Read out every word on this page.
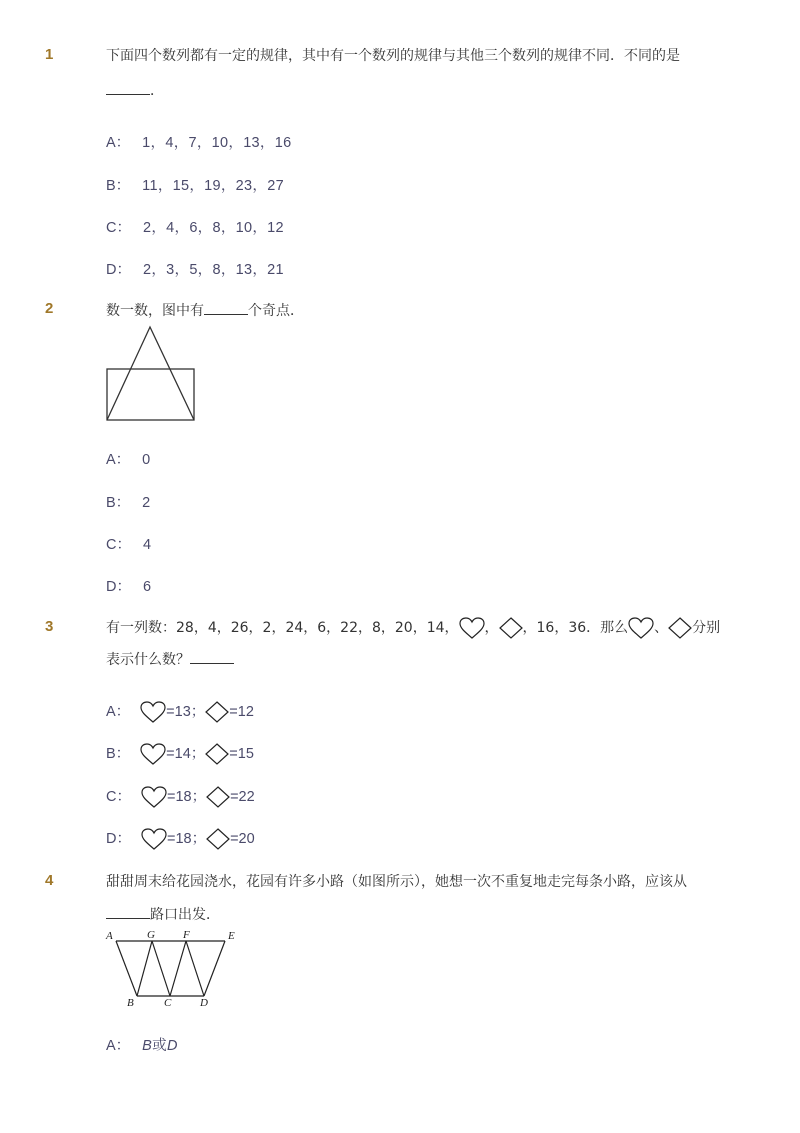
1	下面四个数列都有一定的规律，其中有一个数列的规律与其他三个数列的规律不同．不同的是

．
A： 1，4，7，10，13，16
B： 11，15，19，23，27
C： 2，4，6，8，10，12
D： 2，3，5，8，13，21
2	数一数，图中有	个奇点．
A： 0
B： 2
C： 4
D： 6
3	有一列数：28，4，26，2，24，6，22，8，20，14， ， ，16，36．那么 、 分别

表示什么数？
A： =13； =12
B： =14； =15
C： =18； =22
D： =18； =20
4	甜甜周末给花园浇水，花园有许多小路（如图所示），她想一次不重复地走完每条小路，应该从

路口出发．
A	G	F	E
B	C	D
A： B或D
